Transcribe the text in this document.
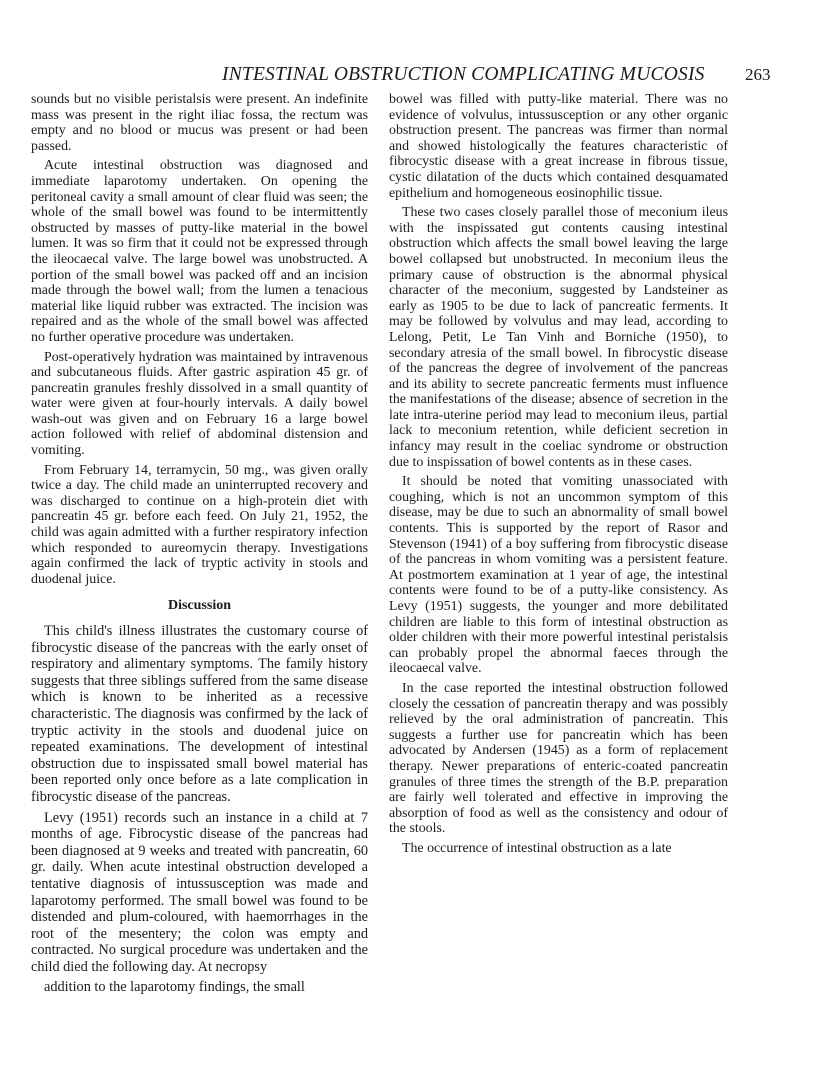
INTESTINAL OBSTRUCTION COMPLICATING MUCOSIS 263

sounds but no visible peristalsis were present. An indefinite mass was present in the right iliac fossa, the rectum was empty and no blood or mucus was present or had been passed.

Acute intestinal obstruction was diagnosed and immediate laparotomy undertaken. On opening the peritoneal cavity a small amount of clear fluid was seen; the whole of the small bowel was found to be intermittently obstructed by masses of putty-like material in the bowel lumen. It was so firm that it could not be expressed through the ileocaecal valve. The large bowel was unobstructed. A portion of the small bowel was packed off and an incision made through the bowel wall; from the lumen a tenacious material like liquid rubber was extracted. The incision was repaired and as the whole of the small bowel was affected no further operative procedure was undertaken.

Post-operatively hydration was maintained by intravenous and subcutaneous fluids. After gastric aspiration 45 gr. of pancreatin granules freshly dissolved in a small quantity of water were given at four-hourly intervals. A daily bowel wash-out was given and on February 16 a large bowel action followed with relief of abdominal distension and vomiting.

From February 14, terramycin, 50 mg., was given orally twice a day. The child made an uninterrupted recovery and was discharged to continue on a high-protein diet with pancreatin 45 gr. before each feed. On July 21, 1952, the child was again admitted with a further respiratory infection which responded to aureomycin therapy. Investigations again confirmed the lack of tryptic activity in stools and duodenal juice.

Discussion

This child's illness illustrates the customary course of fibrocystic disease of the pancreas with the early onset of respiratory and alimentary symptoms. The family history suggests that three siblings suffered from the same disease which is known to be inherited as a recessive characteristic. The diagnosis was confirmed by the lack of tryptic activity in the stools and duodenal juice on repeated examinations. The development of intestinal obstruction due to inspissated small bowel material has been reported only once before as a late complication in fibrocystic disease of the pancreas.

Levy (1951) records such an instance in a child at 7 months of age. Fibrocystic disease of the pancreas had been diagnosed at 9 weeks and treated with pancreatin, 60 gr. daily. When acute intestinal obstruction developed a tentative diagnosis of intussusception was made and laparotomy performed. The small bowel was found to be distended and plum-coloured, with haemorrhages in the root of the mesentery; the colon was empty and contracted. No surgical procedure was undertaken and the child died the following day. At necropsy

addition to the laparotomy findings, the small

bowel was filled with putty-like material. There was no evidence of volvulus, intussusception or any other organic obstruction present. The pancreas was firmer than normal and showed histologically the features characteristic of fibrocystic disease with a great increase in fibrous tissue, cystic dilatation of the ducts which contained desquamated epithelium and homogeneous eosinophilic tissue.

These two cases closely parallel those of meconium ileus with the inspissated gut contents causing intestinal obstruction which affects the small bowel leaving the large bowel collapsed but unobstructed. In meconium ileus the primary cause of obstruction is the abnormal physical character of the meconium, suggested by Landsteiner as early as 1905 to be due to lack of pancreatic ferments. It may be followed by volvulus and may lead, according to Lelong, Petit, Le Tan Vinh and Borniche (1950), to secondary atresia of the small bowel. In fibrocystic disease of the pancreas the degree of involvement of the pancreas and its ability to secrete pancreatic ferments must influence the manifestations of the disease; absence of secretion in the late intra-uterine period may lead to meconium ileus, partial lack to meconium retention, while deficient secretion in infancy may result in the coeliac syndrome or obstruction due to inspissation of bowel contents as in these cases.

It should be noted that vomiting unassociated with coughing, which is not an uncommon symptom of this disease, may be due to such an abnormality of small bowel contents. This is supported by the report of Rasor and Stevenson (1941) of a boy suffering from fibrocystic disease of the pancreas in whom vomiting was a persistent feature. At postmortem examination at 1 year of age, the intestinal contents were found to be of a putty-like consistency. As Levy (1951) suggests, the younger and more debilitated children are liable to this form of intestinal obstruction as older children with their more powerful intestinal peristalsis can probably propel the abnormal faeces through the ileocaecal valve.

In the case reported the intestinal obstruction followed closely the cessation of pancreatin therapy and was possibly relieved by the oral administration of pancreatin. This suggests a further use for pancreatin which has been advocated by Andersen (1945) as a form of replacement therapy. Newer preparations of enteric-coated pancreatin granules of three times the strength of the B.P. preparation are fairly well tolerated and effective in improving the absorption of food as well as the consistency and odour of the stools.

The occurrence of intestinal obstruction as a late
